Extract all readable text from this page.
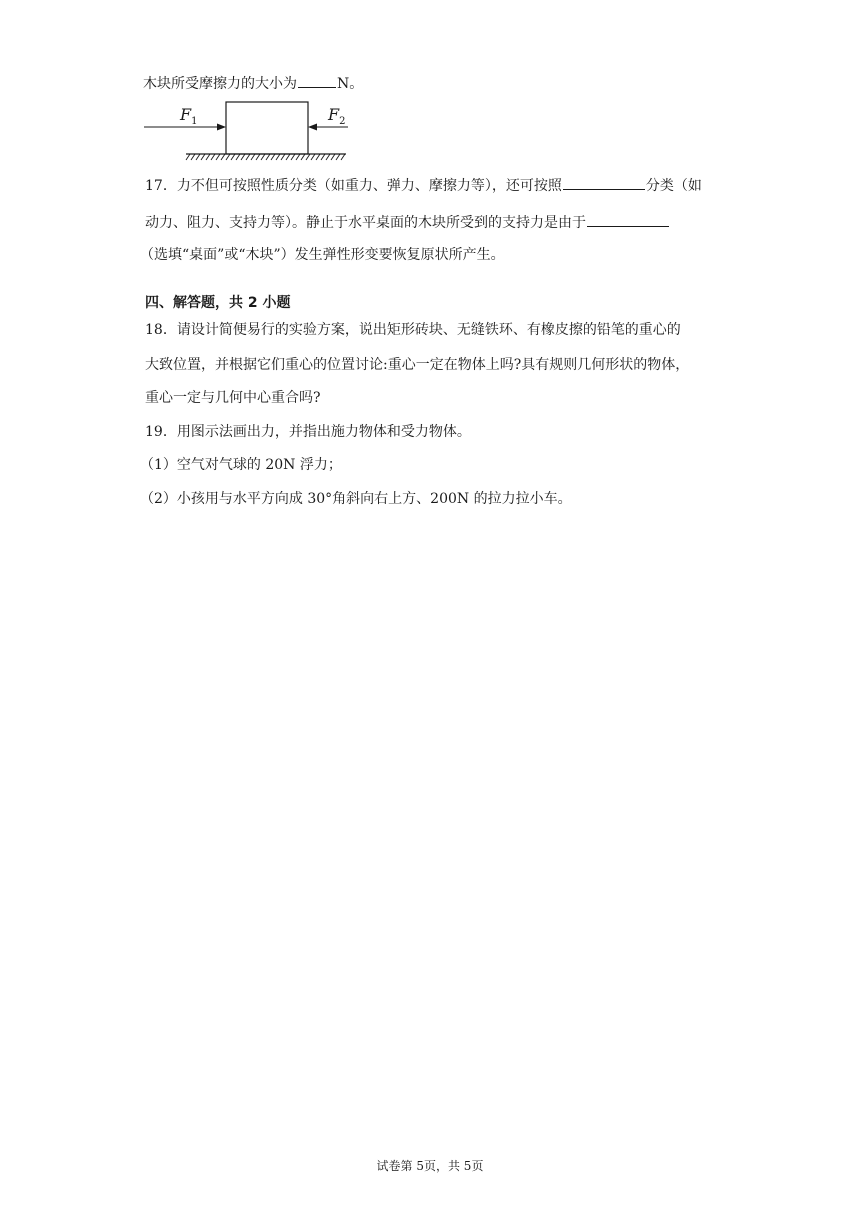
木块所受摩擦力的大小为	N。
$F_1$	$F_2$
17．力不但可按照性质分类（如重力、弹力、摩擦力等），还可按照	分类（如
动力、阻力、支持力等）。静止于水平桌面的木块所受到的支持力是由于
（选填“桌面”或“木块”）发生弹性形变要恢复原状所产生。
四、解答题，共 2 小题
18．请设计简便易行的实验方案，说出矩形砖块、无缝铁环、有橡皮擦的铅笔的重心的
大致位置，并根据它们重心的位置讨论:重心一定在物体上吗?具有规则几何形状的物体，
重心一定与几何中心重合吗?
19．用图示法画出力，并指出施力物体和受力物体。
（1）空气对气球的 20N 浮力；
（2）小孩用与水平方向成 30°角斜向右上方、200N 的拉力拉小车。
试卷第 5页，共 5页
